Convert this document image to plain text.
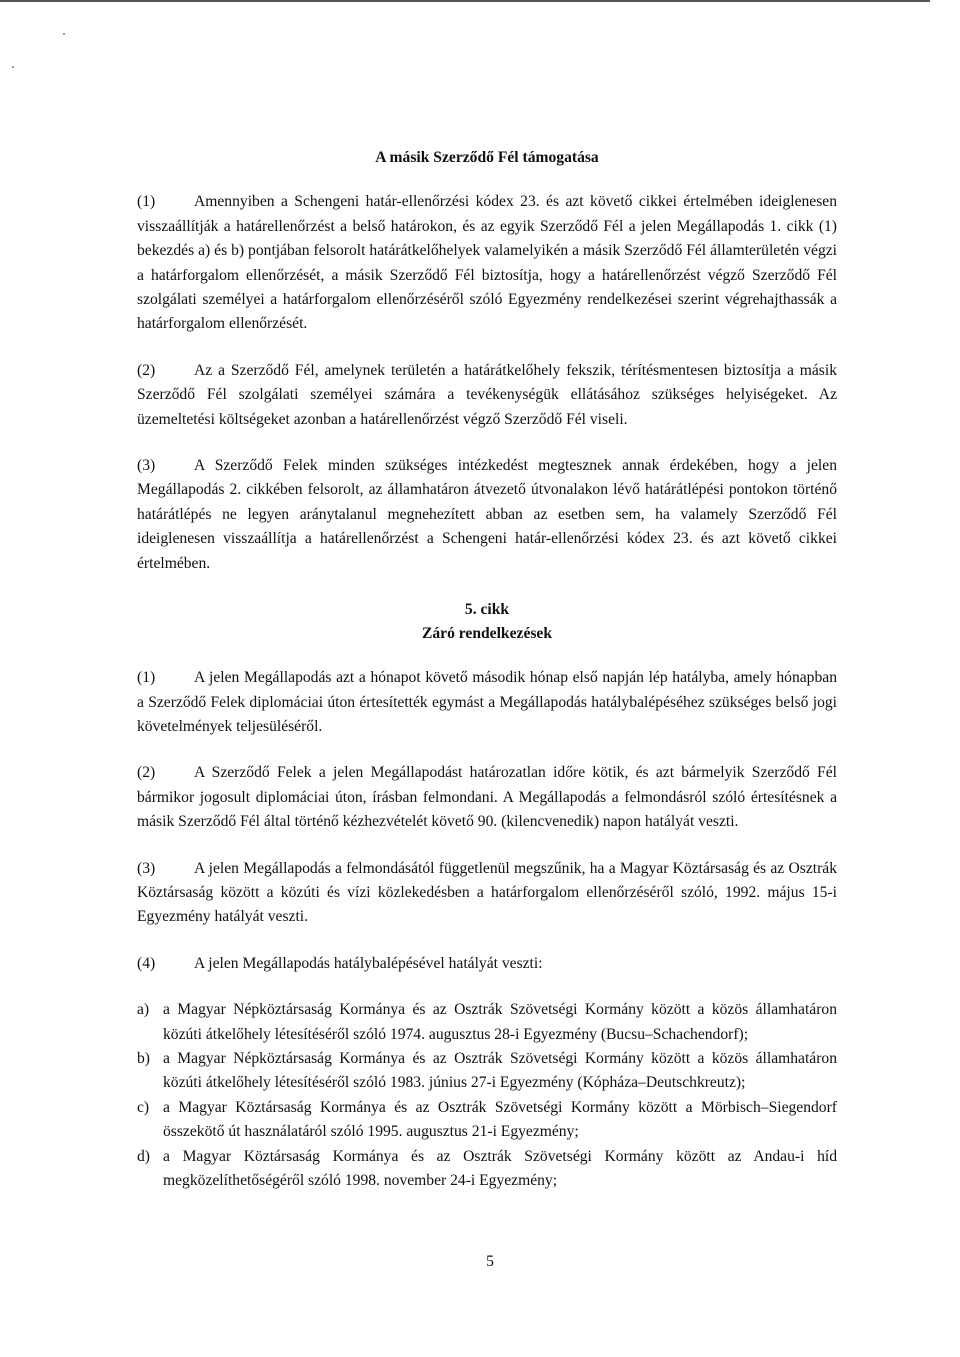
A másik Szerződő Fél támogatása

(1) Amennyiben a Schengeni határ-ellenőrzési kódex 23. és azt követő cikkei értelmében ideiglenesen visszaállítják a határellenőrzést a belső határokon, és az egyik Szerződő Fél a jelen Megállapodás 1. cikk (1) bekezdés a) és b) pontjában felsorolt határátkelőhelyek valamelyikén a másik Szerződő Fél államterületén végzi a határforgalom ellenőrzését, a másik Szerződő Fél biztosítja, hogy a határellenőrzést végző Szerződő Fél szolgálati személyei a határforgalom ellenőrzéséről szóló Egyezmény rendelkezései szerint végrehajthassák a határforgalom ellenőrzését.

(2) Az a Szerződő Fél, amelynek területén a határátkelőhely fekszik, térítésmentesen biztosítja a másik Szerződő Fél szolgálati személyei számára a tevékenységük ellátásához szükséges helyiségeket. Az üzemeltetési költségeket azonban a határellenőrzést végző Szerződő Fél viseli.

(3) A Szerződő Felek minden szükséges intézkedést megtesznek annak érdekében, hogy a jelen Megállapodás 2. cikkében felsorolt, az államhatáron átvezető útvonalakon lévő határátlépési pontokon történő határátlépés ne legyen aránytalanul megnehezített abban az esetben sem, ha valamely Szerződő Fél ideiglenesen visszaállítja a határellenőrzést a Schengeni határ-ellenőrzési kódex 23. és azt követő cikkei értelmében.

5. cikk
Záró rendelkezések

(1) A jelen Megállapodás azt a hónapot követő második hónap első napján lép hatályba, amely hónapban a Szerződő Felek diplomáciai úton értesítették egymást a Megállapodás hatálybalépéséhez szükséges belső jogi követelmények teljesüléséről.

(2) A Szerződő Felek a jelen Megállapodást határozatlan időre kötik, és azt bármelyik Szerződő Fél bármikor jogosult diplomáciai úton, írásban felmondani. A Megállapodás a felmondásról szóló értesítésnek a másik Szerződő Fél által történő kézhezvételét követő 90. (kilencvenedik) napon hatályát veszti.

(3) A jelen Megállapodás a felmondásától függetlenül megszűnik, ha a Magyar Köztársaság és az Osztrák Köztársaság között a közúti és vízi közlekedésben a határforgalom ellenőrzéséről szóló, 1992. május 15-i Egyezmény hatályát veszti.

(4) A jelen Megállapodás hatálybalépésével hatályát veszti:

a) a Magyar Népköztársaság Kormánya és az Osztrák Szövetségi Kormány között a közös államhatáron közúti átkelőhely létesítéséről szóló 1974. augusztus 28-i Egyezmény (Bucsu–Schachendorf);
b) a Magyar Népköztársaság Kormánya és az Osztrák Szövetségi Kormány között a közös államhatáron közúti átkelőhely létesítéséről szóló 1983. június 27-i Egyezmény (Kópháza–Deutschkreutz);
c) a Magyar Köztársaság Kormánya és az Osztrák Szövetségi Kormány között a Mörbisch–Siegendorf összekötő út használatáról szóló 1995. augusztus 21-i Egyezmény;
d) a Magyar Köztársaság Kormánya és az Osztrák Szövetségi Kormány között az Andau-i híd megközelíthetőségéről szóló 1998. november 24-i Egyezmény;
5
